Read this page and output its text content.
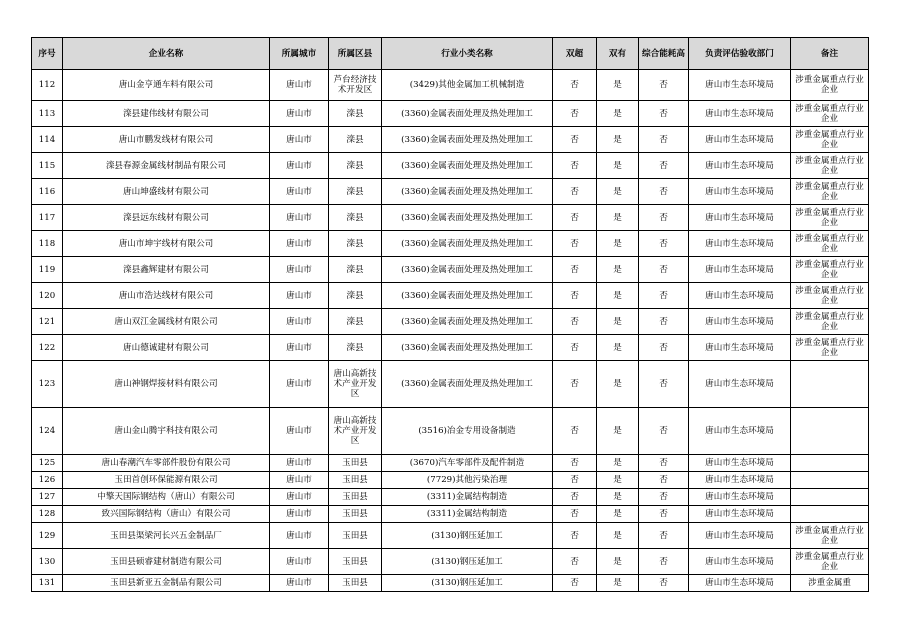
序号	企业名称	所属城市	所属区县	行业小类名称	双超	双有	综合能耗高	负责评估验收部门	备注
112	唐山金亨通车料有限公司	唐山市	芦台经济技术开发区	(3429)其他金属加工机械制造	否	是	否	唐山市生态环境局	涉重金属重点行业企业
113	滦县建伟线材有限公司	唐山市	滦县	(3360)金属表面处理及热处理加工	否	是	否	唐山市生态环境局	涉重金属重点行业企业
114	唐山市鹏发线材有限公司	唐山市	滦县	(3360)金属表面处理及热处理加工	否	是	否	唐山市生态环境局	涉重金属重点行业企业
115	滦县春源金属线材制品有限公司	唐山市	滦县	(3360)金属表面处理及热处理加工	否	是	否	唐山市生态环境局	涉重金属重点行业企业
116	唐山坤盛线材有限公司	唐山市	滦县	(3360)金属表面处理及热处理加工	否	是	否	唐山市生态环境局	涉重金属重点行业企业
117	滦县远东线材有限公司	唐山市	滦县	(3360)金属表面处理及热处理加工	否	是	否	唐山市生态环境局	涉重金属重点行业企业
118	唐山市坤宇线材有限公司	唐山市	滦县	(3360)金属表面处理及热处理加工	否	是	否	唐山市生态环境局	涉重金属重点行业企业
119	滦县鑫辉建材有限公司	唐山市	滦县	(3360)金属表面处理及热处理加工	否	是	否	唐山市生态环境局	涉重金属重点行业企业
120	唐山市浩达线材有限公司	唐山市	滦县	(3360)金属表面处理及热处理加工	否	是	否	唐山市生态环境局	涉重金属重点行业企业
121	唐山双江金属线材有限公司	唐山市	滦县	(3360)金属表面处理及热处理加工	否	是	否	唐山市生态环境局	涉重金属重点行业企业
122	唐山德诚建材有限公司	唐山市	滦县	(3360)金属表面处理及热处理加工	否	是	否	唐山市生态环境局	涉重金属重点行业企业
123	唐山神钢焊接材料有限公司	唐山市	唐山高新技术产业开发区	(3360)金属表面处理及热处理加工	否	是	否	唐山市生态环境局	
124	唐山金山腾宇科技有限公司	唐山市	唐山高新技术产业开发区	(3516)冶金专用设备制造	否	是	否	唐山市生态环境局	
125	唐山春潮汽车零部件股份有限公司	唐山市	玉田县	(3670)汽车零部件及配件制造	否	是	否	唐山市生态环境局	
126	玉田首创环保能源有限公司	唐山市	玉田县	(7729)其他污染治理	否	是	否	唐山市生态环境局	
127	中擎天国际钢结构（唐山）有限公司	唐山市	玉田县	(3311)金属结构制造	否	是	否	唐山市生态环境局	
128	致兴国际钢结构（唐山）有限公司	唐山市	玉田县	(3311)金属结构制造	否	是	否	唐山市生态环境局	
129	玉田县渠梁河长兴五金制品厂	唐山市	玉田县	(3130)钢压延加工	否	是	否	唐山市生态环境局	涉重金属重点行业企业
130	玉田县硕睿建材制造有限公司	唐山市	玉田县	(3130)钢压延加工	否	是	否	唐山市生态环境局	涉重金属重点行业企业
131	玉田县新亚五金制品有限公司	唐山市	玉田县	(3130)钢压延加工	否	是	否	唐山市生态环境局	涉重金属重
